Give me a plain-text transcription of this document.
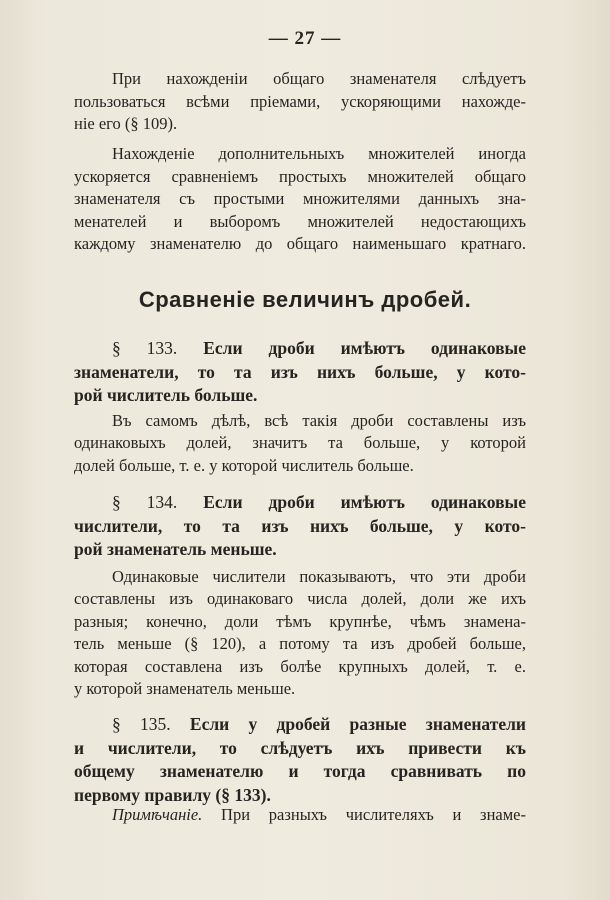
— 27 —
При нахожденіи общаго знаменателя слѣдуетъ
пользоваться всѣми пріемами, ускоряющими нахожде-
ніе его (§ 109).
Нахожденіе дополнительныхъ множителей иногда
ускоряется сравненіемъ простыхъ множителей общаго
знаменателя съ простыми множителями данныхъ зна-
менателей и выборомъ множителей недостающихъ
каждому знаменателю до общаго наименьшаго кратнаго.
Сравненіе величинъ дробей.
§ 133. Если дроби имѣютъ одинаковые
знаменатели, то та изъ нихъ больше, у кото-
рой числитель больше.
Въ самомъ дѣлѣ, всѣ такія дроби составлены изъ
одинаковыхъ долей, значитъ та больше, у которой
долей больше, т. е. у которой числитель больше.
§ 134. Если дроби имѣютъ одинаковые
числители, то та изъ нихъ больше, у кото-
рой знаменатель меньше.
Одинаковые числители показываютъ, что эти дроби
составлены изъ одинаковаго числа долей, доли же ихъ
разныя; конечно, доли тѣмъ крупнѣе, чѣмъ знамена-
тель меньше (§ 120), а потому та изъ дробей больше,
которая составлена изъ болѣе крупныхъ долей, т. е.
у которой знаменатель меньше.
§ 135. Если у дробей разные знаменатели
и числители, то слѣдуетъ ихъ привести къ
общему знаменателю и тогда сравнивать по
первому правилу (§ 133).
Примѣчаніе. При разныхъ числителяхъ и знаме-
